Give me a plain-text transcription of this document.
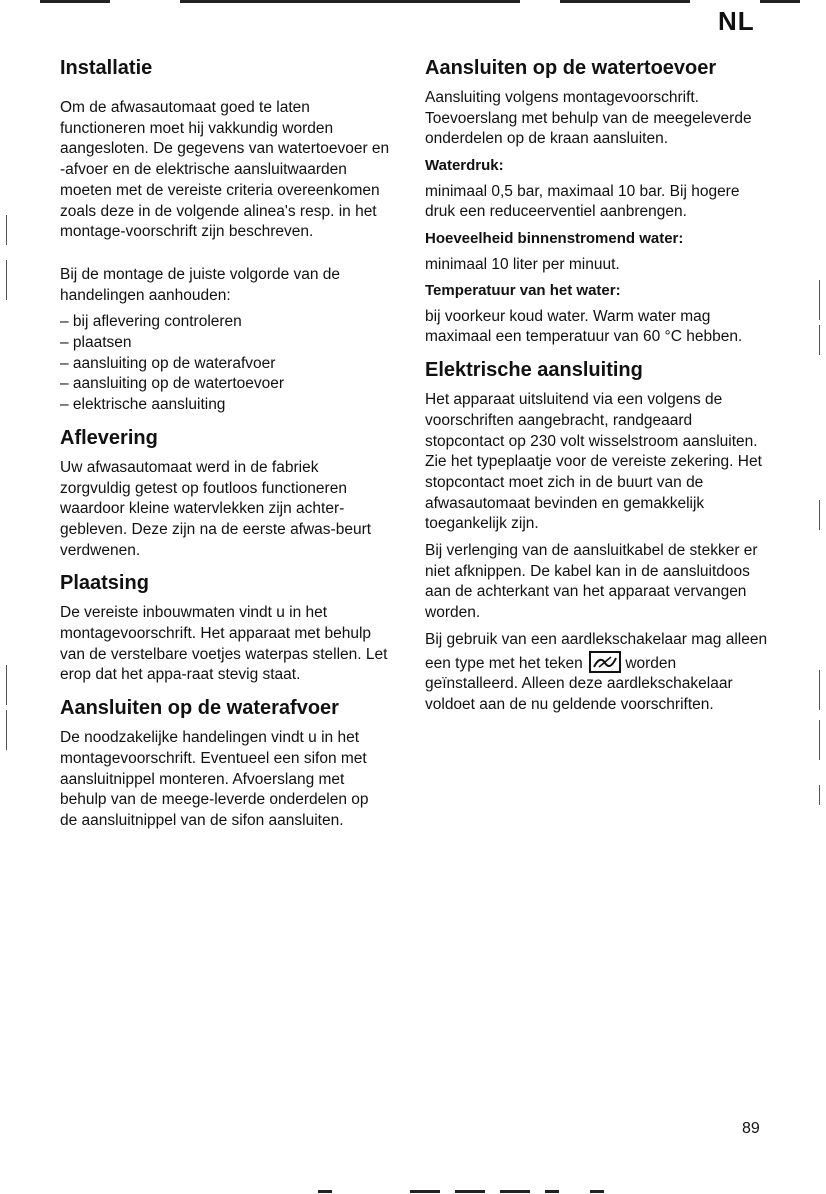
NL
Installatie

Om de afwasautomaat goed te laten functioneren moet hij vakkundig worden aangesloten. De gegevens van watertoevoer en -afvoer en de elektrische aansluitwaarden moeten met de vereiste criteria overeenkomen zoals deze in de volgende alinea's resp. in het montage-voorschrift zijn beschreven.

Bij de montage de juiste volgorde van de handelingen aanhouden:

– bij aflevering controleren
– plaatsen
– aansluiting op de waterafvoer
– aansluiting op de watertoevoer
– elektrische aansluiting
Aflevering

Uw afwasautomaat werd in de fabriek zorgvuldig getest op foutloos functioneren waardoor kleine watervlekken zijn achter-gebleven. Deze zijn na de eerste afwas-beurt verdwenen.

Plaatsing

De vereiste inbouwmaten vindt u in het montagevoorschrift. Het apparaat met behulp van de verstelbare voetjes waterpas stellen. Let erop dat het appa-raat stevig staat.

Aansluiten op de waterafvoer

De noodzakelijke handelingen vindt u in het montagevoorschrift. Eventueel een sifon met aansluitnippel monteren. Afvoerslang met behulp van de meege-leverde onderdelen op de aansluitnippel van de sifon aansluiten.

Aansluiten op de watertoevoer

Aansluiting volgens montagevoorschrift. Toevoerslang met behulp van de meegeleverde onderdelen op de kraan aansluiten.

Waterdruk:

minimaal 0,5 bar, maximaal 10 bar. Bij hogere druk een reduceerventiel aanbrengen.

Hoeveelheid binnenstromend water:

minimaal 10 liter per minuut.

Temperatuur van het water:

bij voorkeur koud water. Warm water mag maximaal een temperatuur van 60 °C hebben.

Elektrische aansluiting

Het apparaat uitsluitend via een volgens de voorschriften aangebracht, randgeaard stopcontact op 230 volt wisselstroom aansluiten. Zie het typeplaatje voor de vereiste zekering. Het stopcontact moet zich in de buurt van de afwasautomaat bevinden en gemakkelijk toegankelijk zijn.

Bij verlenging van de aansluitkabel de stekker er niet afknippen. De kabel kan in de aansluitdoos aan de achterkant van het apparaat vervangen worden.

Bij gebruik van een aardlekschakelaar mag alleen een type met het teken	worden geïnstalleerd. Alleen deze aardlekschakelaar voldoet aan de nu geldende voorschriften.

89
